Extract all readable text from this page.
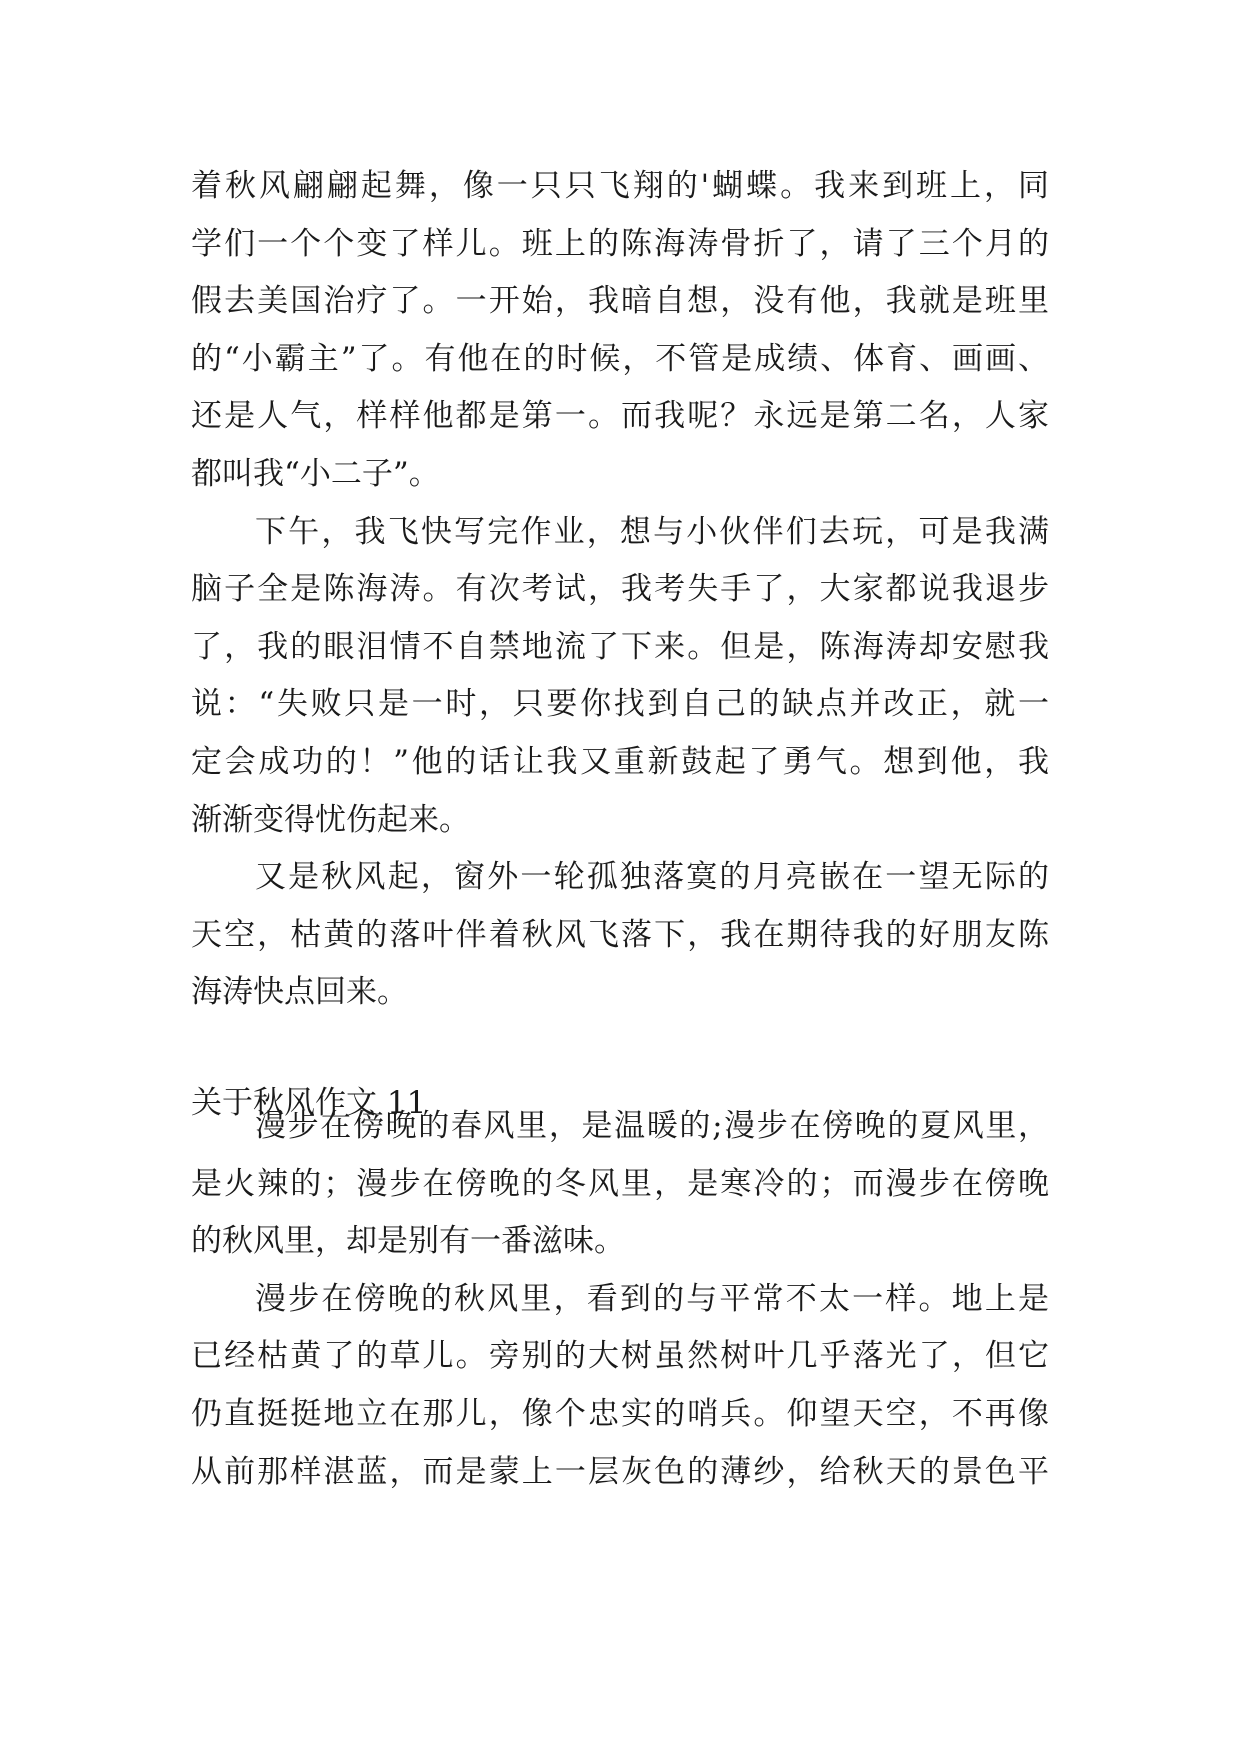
着秋风翩翩起舞，像一只只飞翔的'蝴蝶。我来到班上，同
学们一个个变了样儿。班上的陈海涛骨折了，请了三个月的
假去美国治疗了。一开始，我暗自想，没有他，我就是班里
的“小霸主”了。有他在的时候，不管是成绩、体育、画画、
还是人气，样样他都是第一。而我呢？永远是第二名，人家
都叫我“小二子”。
下午，我飞快写完作业，想与小伙伴们去玩，可是我满
脑子全是陈海涛。有次考试，我考失手了，大家都说我退步
了，我的眼泪情不自禁地流了下来。但是，陈海涛却安慰我
说：“失败只是一时，只要你找到自己的缺点并改正，就一
定会成功的！”他的话让我又重新鼓起了勇气。想到他，我
渐渐变得忧伤起来。
又是秋风起，窗外一轮孤独落寞的月亮嵌在一望无际的
天空，枯黄的落叶伴着秋风飞落下，我在期待我的好朋友陈
海涛快点回来。
关于秋风作文 11
漫步在傍晚的春风里，是温暖的;漫步在傍晚的夏风里，
是火辣的；漫步在傍晚的冬风里，是寒冷的；而漫步在傍晚
的秋风里，却是别有一番滋味。
漫步在傍晚的秋风里，看到的与平常不太一样。地上是
已经枯黄了的草儿。旁别的大树虽然树叶几乎落光了，但它
仍直挺挺地立在那儿，像个忠实的哨兵。仰望天空，不再像
从前那样湛蓝，而是蒙上一层灰色的薄纱，给秋天的景色平
